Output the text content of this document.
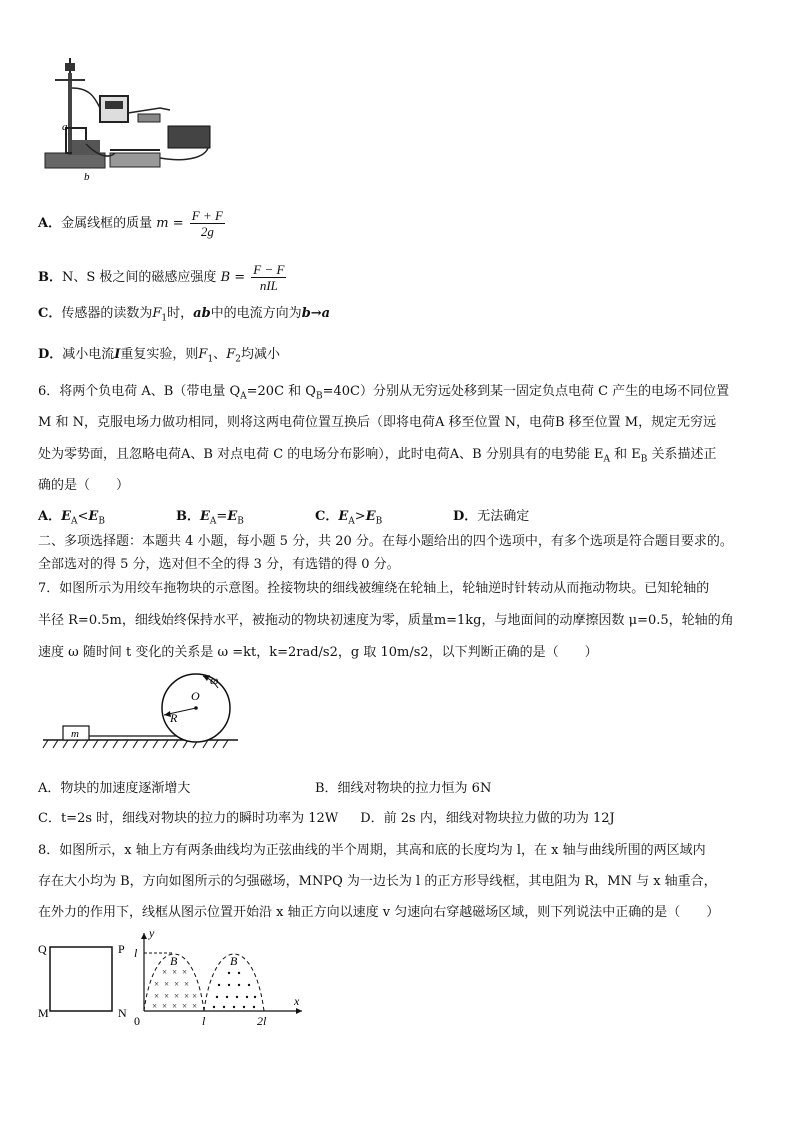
a
b
A．金属线框的质量 $m = \frac{F + F}{2g}$
B．N、S 极之间的磁感应强度 $B = \frac{F - F}{\text{nIL}}$
C．传感器的读数为$F_1$时，ab中的电流方向为b→a
D．减小电流I重复实验，则$F_1$、$F_2$均减小
6．将两个负电荷 A、B（带电量 $Q_A=20C$ 和 $Q_B=40C$）分别从无穷远处移到某一固定负点电荷 C 产生的电场不同位置
M 和 N，克服电场力做功相同，则将这两电荷位置互换后（即将电荷A 移至位置 N，电荷B 移至位置 M，规定无穷远
处为零势面，且忽略电荷A、B 对点电荷 C 的电场分布影响），此时电荷A、B 分别具有的电势能 $E_A$ 和 $E_B$ 关系描述正
确的是（　　）
A．$E_A<E_B$	B．$E_A=E_B$	C．$E_A>E_B$	D．无法确定
二、多项选择题：本题共 4 小题，每小题 5 分，共 20 分。在每小题给出的四个选项中，有多个选项是符合题目要求的。
全部选对的得 5 分，选对但不全的得 3 分，有选错的得 0 分。
7．如图所示为用绞车拖物块的示意图。拴接物块的细线被缠绕在轮轴上，轮轴逆时针转动从而拖动物块。已知轮轴的
半径 R=0.5m，细线始终保持水平，被拖动的物块初速度为零，质量m=1kg，与地面间的动摩擦因数 μ=0.5，轮轴的角
速度 ω 随时间 t 变化的关系是 ω =kt，k=2rad/s2，g 取 10m/s2，以下判断正确的是（　　）
m
R
O
ω
A．物块的加速度逐渐增大	B．细线对物块的拉力恒为 6N
C．t=2s 时，细线对物块的拉力的瞬时功率为 12W D．前 2s 内，细线对物块拉力做的功为 12J
8．如图所示，x 轴上方有两条曲线均为正弦曲线的半个周期，其高和底的长度均为 l，在 x 轴与曲线所围的两区域内
存在大小均为 B，方向如图所示的匀强磁场，MNPQ 为一边长为 l 的正方形导线框，其电阻为 R，MN 与 x 轴重合，
在外力的作用下，线框从图示位置开始沿 x 轴正方向以速度 v 匀速向右穿越磁场区域，则下列说法中正确的是（　　）
Q	P
M	N
x
y
l
0	l	2l
× × ×
× × × ×
× × × × ×
× × × × ×
B	B
